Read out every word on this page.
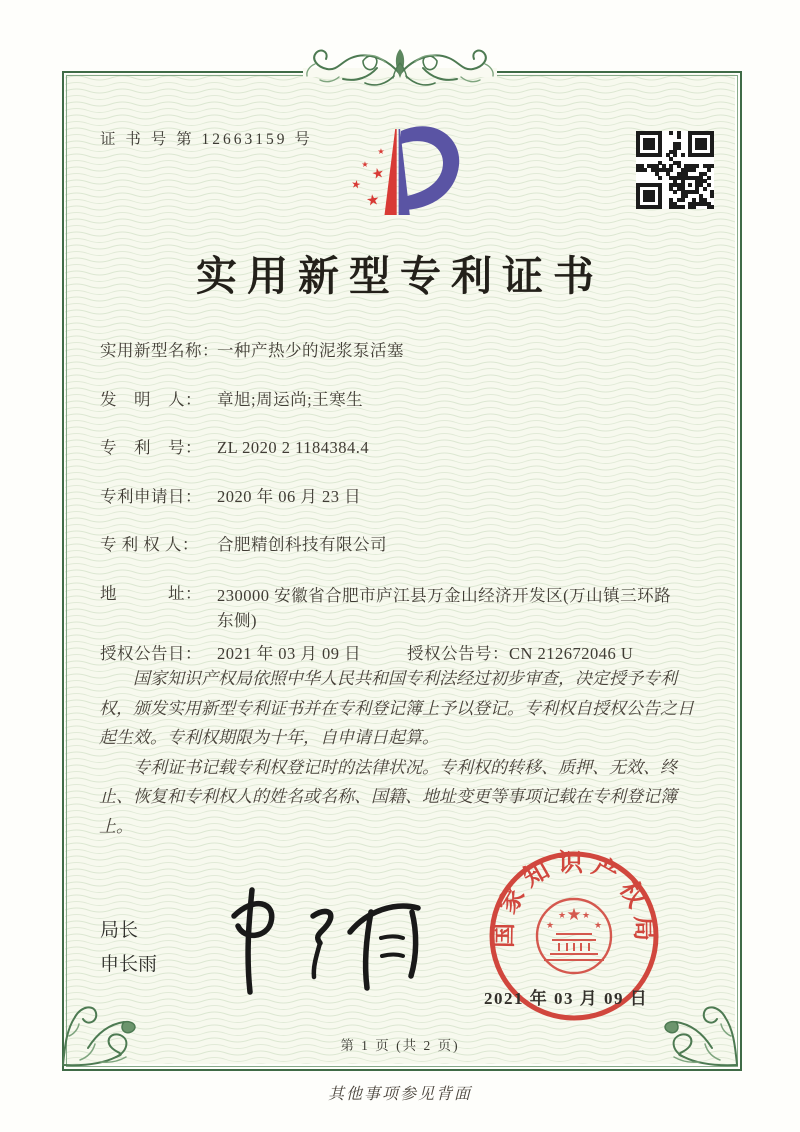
证 书 号 第 12663159 号
★
★
★
★
★
实用新型专利证书
实用新型名称：一种产热少的泥浆泵活塞
发　明　人： 章旭;周运尚;王寒生
专　利　号： ZL 2020 2 1184384.4
专利申请日： 2020 年 06 月 23 日
专 利 权 人： 合肥精创科技有限公司
地　　　址： 230000 安徽省合肥市庐江县万金山经济开发区(万山镇三环路东侧)
授权公告日： 2021 年 03 月 09 日	授权公告号：CN 212672046 U

国家知识产权局依照中华人民共和国专利法经过初步审查，决定授予专利权，颁发实用新型专利证书并在专利登记簿上予以登记。专利权自授权公告之日起生效。专利权期限为十年，自申请日起算。

专利证书记载专利权登记时的法律状况。专利权的转移、质押、无效、终止、恢复和专利权人的姓名或名称、国籍、地址变更等事项记载在专利登记簿上。

局长
申长雨
国家知识产权局
★
★
★ ★
★
2021 年 03 月 09 日
第 1 页 (共 2 页)
其他事项参见背面
